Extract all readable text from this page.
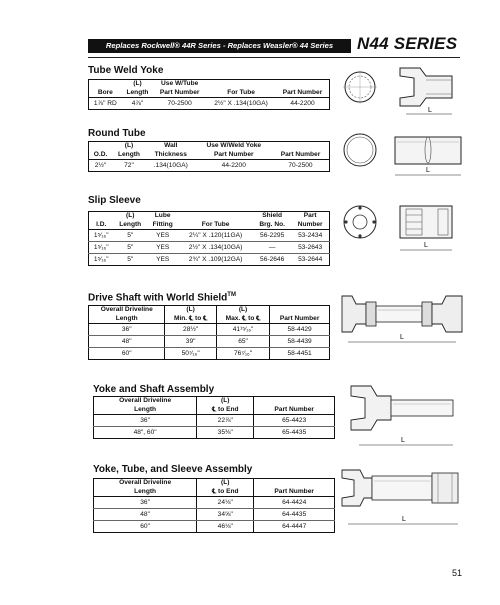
Replaces Rockwell® 44R Series - Replaces Weasler® 44 Series	N44 SERIES
Tube Weld Yoke
	(L)	Use W/Tube		
Bore	Length	Part Number	For Tube	Part Number
1⅞" RD	4⅞"	70-2500	2½" X .134(10GA)	44-2200
Round Tube
	(L)	Wall	Use W/Weld Yoke	
O.D.	Length	Thickness	Part Number	Part Number
2½"	72"	.134(10GA)	44-2200	70-2500
Slip Sleeve
	(L)	Lube		Shield	Part
I.D.	Length	Fitting	For Tube	Brg. No.	Number
1⁵⁄₁₆"	5"	YES	2¼" X .120(11GA)	56-2295	53-2434
1⁵⁄₁₆"	5"	YES	2½" X .134(10GA)	—	53-2643
1⁵⁄₁₆"	5"	YES	2¾" X .109(12GA)	56-2646	53-2644
Drive Shaft with World Shield™
Overall Driveline	(L)	(L)	
Length	Min. ℄ to ℄	Max. ℄ to ℄	Part Number
36"	28½"	41¹⁵⁄₁₆"	58-4429
48"	39"	65"	58-4439
60"	50⁷⁄₁₆"	76⁷⁄₁₆"	58-4451
Yoke and Shaft Assembly
Overall Driveline	(L)	
Length	℄ to End	Part Number
36"	22⅞"	65-4423
48", 60"	35⅜"	65-4435
Yoke, Tube, and Sleeve Assembly
Overall Driveline	(L)	
Length	℄ to End	Part Number
36"	24⅛"	64-4424
48"	34⅝"	64-4435
60"	46⅛"	64-4447
L
L
L
L
L
L
51
